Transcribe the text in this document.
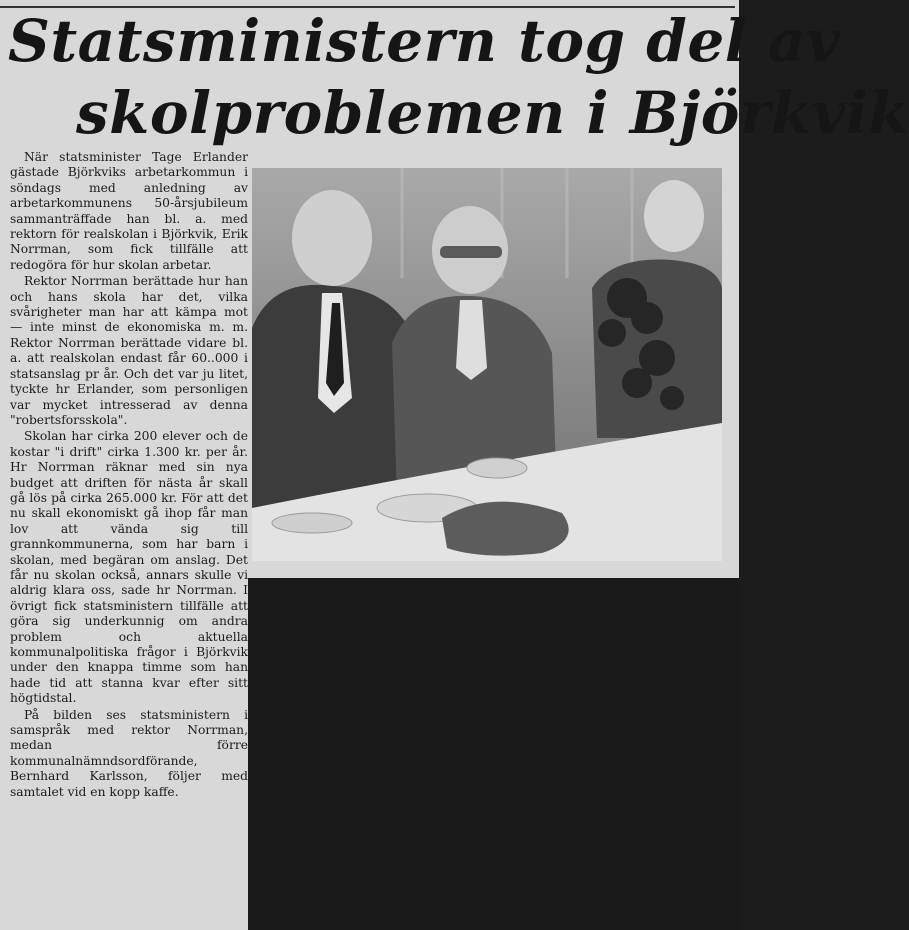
Statsministern tog del av
skolproblemen i Björkvik

När statsminister Tage Erlander gästade Björkviks arbetarkommun i söndags med anledning av arbetarkommunens 50-årsjubileum sammanträffade han bl. a. med rektorn för realskolan i Björkvik, Erik Norrman, som fick tillfälle att redogöra för hur skolan arbetar.

Rektor Norrman berättade hur han och hans skola har det, vilka svårigheter man har att kämpa mot — inte minst de ekonomiska m. m. Rektor Norrman berättade vidare bl. a. att realskolan endast får 60..000 i statsanslag pr år. Och det var ju litet, tyckte hr Erlander, som personligen var mycket intresserad av denna "robertsforsskola".

Skolan har cirka 200 elever och de kostar "i drift" cirka 1.300 kr. per år. Hr Norrman räknar med sin nya budget att driften för nästa år skall gå lös på cirka 265.000 kr. För att det nu skall ekonomiskt gå ihop får man lov att vända sig till grannkommunerna, som har barn i skolan, med begäran om anslag. Det får nu skolan också, annars skulle vi aldrig klara oss, sade hr Norrman. I övrigt fick statsministern tillfälle att göra sig underkunnig om andra problem och aktuella kommunalpolitiska frågor i Björkvik under den knappa timme som han hade tid att stanna kvar efter sitt högtidstal.

På bilden ses statsministern i samspråk med rektor Norrman, medan förre kommunalnämndsordförande, Bernhard Karlsson, följer med samtalet vid en kopp kaffe.
